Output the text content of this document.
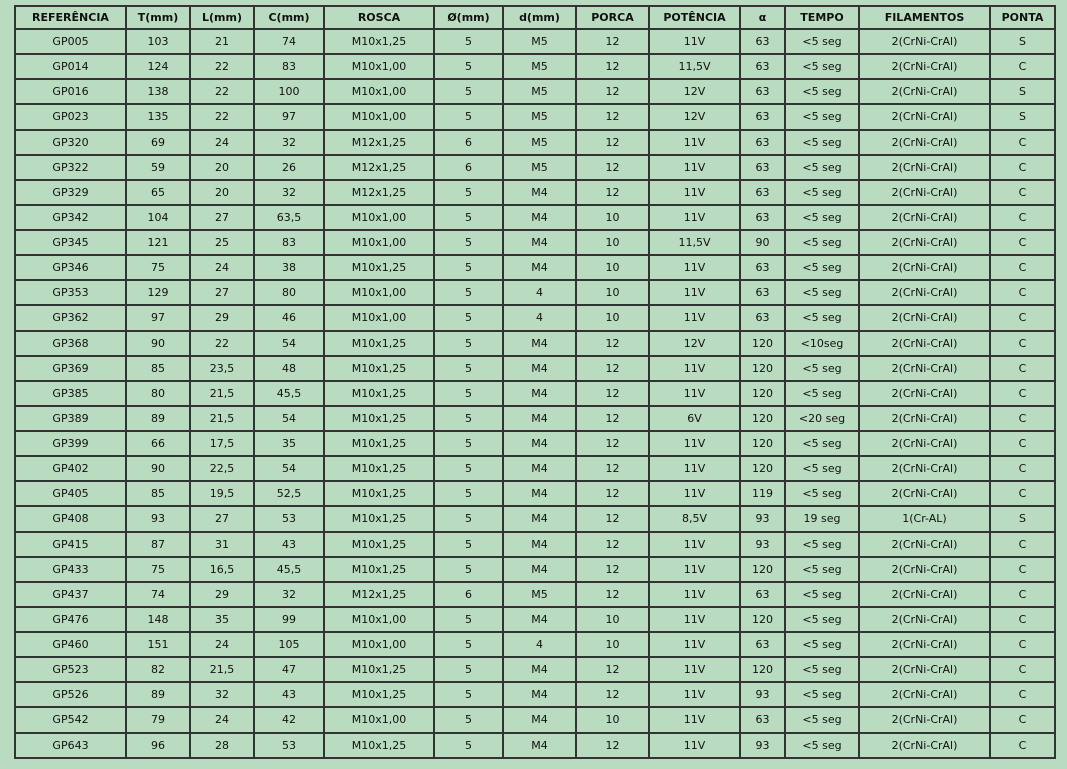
REFERÊNCIA	T(mm)	L(mm)	C(mm)	ROSCA	Ø(mm)	d(mm)	PORCA	POTÊNCIA	α	TEMPO	FILAMENTOS	PONTA
GP005	103	21	74	M10x1,25	5	M5	12	11V	63	<5 seg	2(CrNi-CrAl)	S
GP014	124	22	83	M10x1,00	5	M5	12	11,5V	63	<5 seg	2(CrNi-CrAl)	C
GP016	138	22	100	M10x1,00	5	M5	12	12V	63	<5 seg	2(CrNi-CrAl)	S
GP023	135	22	97	M10x1,00	5	M5	12	12V	63	<5 seg	2(CrNi-CrAl)	S
GP320	69	24	32	M12x1,25	6	M5	12	11V	63	<5 seg	2(CrNi-CrAl)	C
GP322	59	20	26	M12x1,25	6	M5	12	11V	63	<5 seg	2(CrNi-CrAl)	C
GP329	65	20	32	M12x1,25	5	M4	12	11V	63	<5 seg	2(CrNi-CrAl)	C
GP342	104	27	63,5	M10x1,00	5	M4	10	11V	63	<5 seg	2(CrNi-CrAl)	C
GP345	121	25	83	M10x1,00	5	M4	10	11,5V	90	<5 seg	2(CrNi-CrAl)	C
GP346	75	24	38	M10x1,25	5	M4	10	11V	63	<5 seg	2(CrNi-CrAl)	C
GP353	129	27	80	M10x1,00	5	4	10	11V	63	<5 seg	2(CrNi-CrAl)	C
GP362	97	29	46	M10x1,00	5	4	10	11V	63	<5 seg	2(CrNi-CrAl)	C
GP368	90	22	54	M10x1,25	5	M4	12	12V	120	<10seg	2(CrNi-CrAl)	C
GP369	85	23,5	48	M10x1,25	5	M4	12	11V	120	<5 seg	2(CrNi-CrAl)	C
GP385	80	21,5	45,5	M10x1,25	5	M4	12	11V	120	<5 seg	2(CrNi-CrAl)	C
GP389	89	21,5	54	M10x1,25	5	M4	12	6V	120	<20 seg	2(CrNi-CrAl)	C
GP399	66	17,5	35	M10x1,25	5	M4	12	11V	120	<5 seg	2(CrNi-CrAl)	C
GP402	90	22,5	54	M10x1,25	5	M4	12	11V	120	<5 seg	2(CrNi-CrAl)	C
GP405	85	19,5	52,5	M10x1,25	5	M4	12	11V	119	<5 seg	2(CrNi-CrAl)	C
GP408	93	27	53	M10x1,25	5	M4	12	8,5V	93	19 seg	1(Cr-AL)	S
GP415	87	31	43	M10x1,25	5	M4	12	11V	93	<5 seg	2(CrNi-CrAl)	C
GP433	75	16,5	45,5	M10x1,25	5	M4	12	11V	120	<5 seg	2(CrNi-CrAl)	C
GP437	74	29	32	M12x1,25	6	M5	12	11V	63	<5 seg	2(CrNi-CrAl)	C
GP476	148	35	99	M10x1,00	5	M4	10	11V	120	<5 seg	2(CrNi-CrAl)	C
GP460	151	24	105	M10x1,00	5	4	10	11V	63	<5 seg	2(CrNi-CrAl)	C
GP523	82	21,5	47	M10x1,25	5	M4	12	11V	120	<5 seg	2(CrNi-CrAl)	C
GP526	89	32	43	M10x1,25	5	M4	12	11V	93	<5 seg	2(CrNi-CrAl)	C
GP542	79	24	42	M10x1,00	5	M4	10	11V	63	<5 seg	2(CrNi-CrAl)	C
GP643	96	28	53	M10x1,25	5	M4	12	11V	93	<5 seg	2(CrNi-CrAl)	C
